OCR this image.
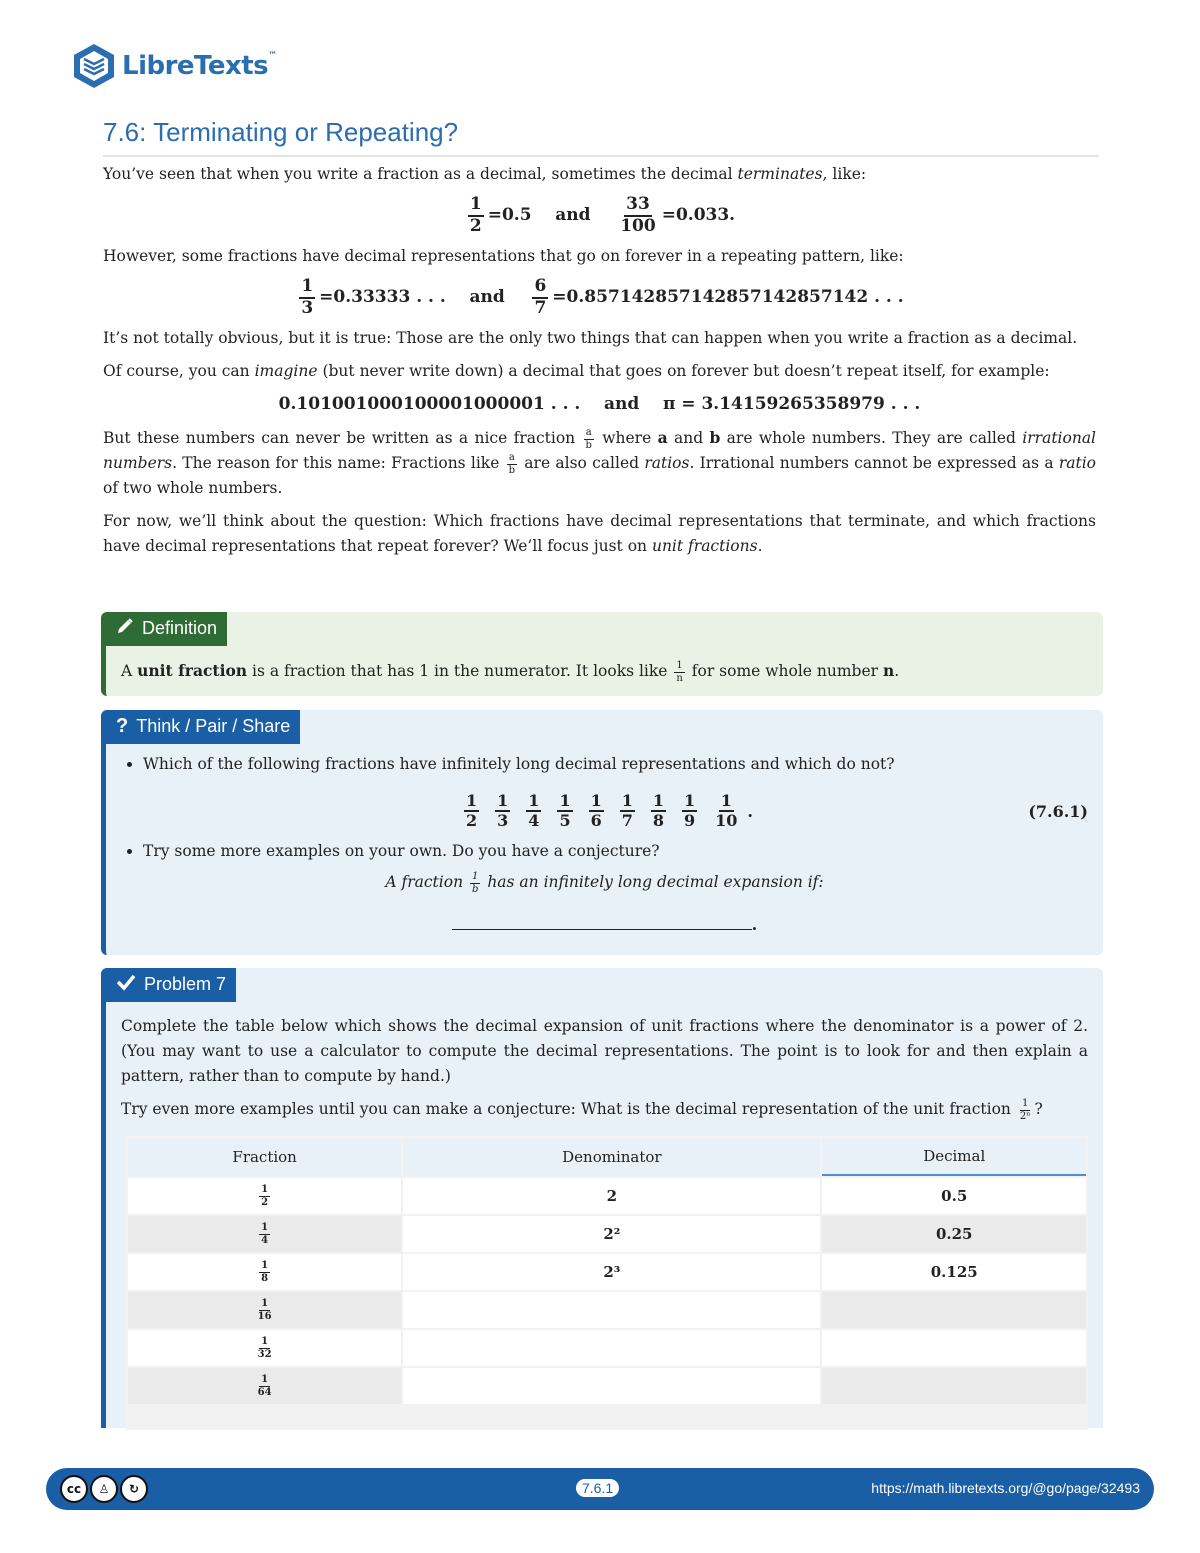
LibreTexts™
7.6: Terminating or Repeating?

You’ve seen that when you write a fraction as a decimal, sometimes the decimal terminates, like:

$\frac{1}{2} =0.5$ and $\frac{33}{100} =0.033$.

However, some fractions have decimal representations that go on forever in a repeating pattern, like:

$\frac{1}{3} =0.33333$ . . . and $\frac{6}{7} =0.857142857142857142857142$ . . .

It’s not totally obvious, but it is true: Those are the only two things that can happen when you write a fraction as a decimal.

Of course, you can imagine (but never write down) a decimal that goes on forever but doesn’t repeat itself, for example:

0.101001000100001000001 . . .    and    π = 3.14159265358979 . . .

But these numbers can never be written as a nice fraction $\frac{a}{b}$ where a and b are whole numbers. They are called irrational numbers. The reason for this name: Fractions like $\frac{a}{b}$ are also called ratios. Irrational numbers cannot be expressed as a ratio of two whole numbers.

For now, we’ll think about the question: Which fractions have decimal representations that terminate, and which fractions have decimal representations that repeat forever? We’ll focus just on unit fractions.

Definition
A unit fraction is a fraction that has 1 in the numerator. It looks like $\frac{1}{n}$ for some whole number n.
? Think / Pair / Share
• Which of the following fractions have infinitely long decimal representations and which do not?
$\frac{1}{2} \frac{1}{3} \frac{1}{4} \frac{1}{5} \frac{1}{6} \frac{1}{7} \frac{1}{8} \frac{1}{9} \frac{1}{10}$ .	(7.6.1)
• Try some more examples on your own. Do you have a conjecture?
A fraction $\frac{1}{b}$ has an infinitely long decimal expansion if:
.
Problem 7

Complete the table below which shows the decimal expansion of unit fractions where the denominator is a power of 2. (You may want to use a calculator to compute the decimal representations. The point is to look for and then explain a pattern, rather than to compute by hand.)

Try even more examples until you can make a conjecture: What is the decimal representation of the unit fraction $\frac{1}{\text{2ⁿ}}$ ?

Fraction	Denominator	Decimal

$\frac{1}{2}$	2	0.5

$\frac{1}{4}$	2²	0.25

$\frac{1}{8}$	2³	0.125

$\frac{1}{16}$

$\frac{1}{32}$

$\frac{1}{64}$

cc	♙	↻	7.6.1	https://math.libretexts.org/@go/page/32493
